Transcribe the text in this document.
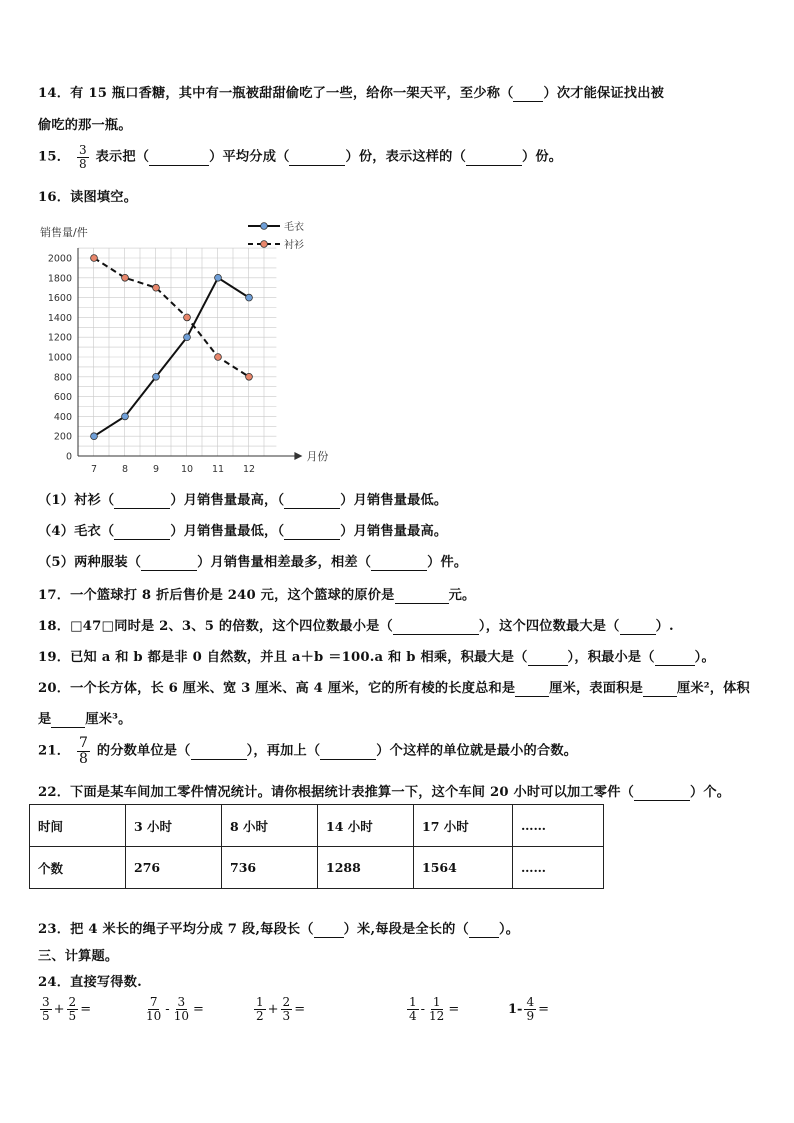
14．有 15 瓶口香糖，其中有一瓶被甜甜偷吃了一些，给你一架天平，至少称（ ）次才能保证找出被
偷吃的那一瓶。
15． $\frac{3}{8}$ 表示把（	）平均分成（	）份，表示这样的（	）份。
16．读图填空。
0
200
400
600
800
1000
1200
1400
1600
1800
2000
7	8	9 10 11 12
销售量/件
月份
毛衣
衬衫
（1）衬衫（	）月销售量最高，（	）月销售量最低。
（4）毛衣（	）月销售量最低，（	）月销售量最高。
（5）两种服装（	）月销售量相差最多，相差（	）件。
17．一个篮球打 8 折后售价是 240 元，这个篮球的原价是	元。
18．□47□同时是 2、3、5 的倍数，这个四位数最小是（	），这个四位数最大是（	）.
19．已知 a 和 b 都是非 0 自然数，并且 a＋b ＝100.a 和 b 相乘，积最大是（	），积最小是（	）。
20．一个长方体，长 6 厘米、宽 3 厘米、高 4 厘米，它的所有棱的长度总和是	厘米，表面积是	厘米²，体积
是	厘米³。
21． $\frac{7}{8}$ 的分数单位是（	），再加上（	）个这样的单位就是最小的合数。
22．下面是某车间加工零件情况统计。请你根据统计表推算一下，这个车间 20 小时可以加工零件（	）个。
时间	3 小时	8 小时	14 小时	17 小时	……
个数	276	736	1288	1564	……
23．把 4 米长的绳子平均分成 7 段,每段长（ ）米,每段是全长的（ ）。
三、计算题。
24．直接写得数.
$\frac{3}{5} + \frac{2}{5}$ =	$\frac{7}{10} - \frac{3}{10}$ =	$\frac{1}{2} + \frac{2}{3}$ =	$\frac{1}{4} - \frac{1}{12}$ =	$1- \frac{4}{9}$ =
